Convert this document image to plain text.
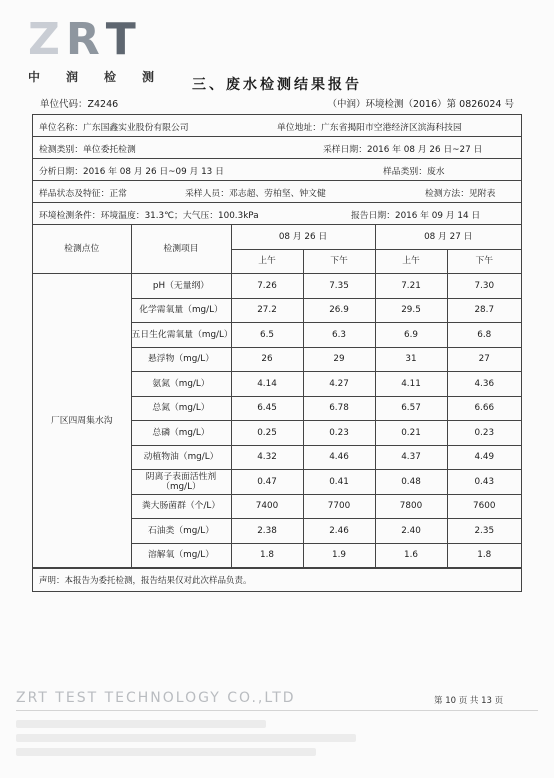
Z R T
中 润 检 测	三、废水检测结果报告
单位代码：Z4246	（中润）环境检测（2016）第 0826024 号
单位名称：广东国鑫实业股份有限公司	单位地址：广东省揭阳市空港经济区滨海科技园
检测类别：单位委托检测	采样日期：2016 年 08 月 26 日~27 日
分析日期：2016 年 08 月 26 日~09 月 13 日	样品类别：废水
样品状态及特征：正常	采样人员：邓志超、劳柏坚、钟文健	检测方法：见附表
环境检测条件：环境温度：31.3℃；大气压：100.3kPa	报告日期：2016 年 09 月 14 日
检测点位	检测项目	08 月 26 日		08 月 27 日	
		上午	下午	上午	下午
厂区四周集水沟	pH（无量纲）	7.26	7.35	7.21	7.30
	化学需氧量（mg/L）	27.2	26.9	29.5	28.7
	五日生化需氧量（mg/L）	6.5	6.3	6.9	6.8
	悬浮物（mg/L）	26	29	31	27
	氨氮（mg/L）	4.14	4.27	4.11	4.36
	总氮（mg/L）	6.45	6.78	6.57	6.66
	总磷（mg/L）	0.25	0.23	0.21	0.23
	动植物油（mg/L）	4.32	4.46	4.37	4.49
	阴离子表面活性剂（mg/L）	0.47	0.41	0.48	0.43
	粪大肠菌群（个/L）	7400	7700	7800	7600
	石油类（mg/L）	2.38	2.46	2.40	2.35
	溶解氧（mg/L）	1.8	1.9	1.6	1.8
声明：本报告为委托检测，报告结果仅对此次样品负责。
ZRT TEST TECHNOLOGY CO.,LTD	第 10 页 共 13 页
